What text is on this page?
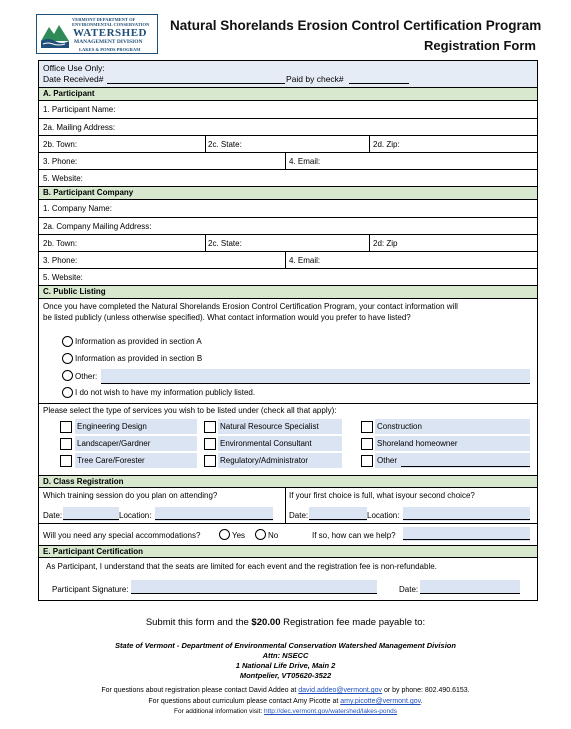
VERMONT DEPARTMENT OF
ENVIRONMENTAL CONSERVATION
WATERSHED
MANAGEMENT DIVISION
LAKES & PONDS PROGRAM
Natural Shorelands Erosion Control Certification Program
Registration Form
Office Use Only:
Date Received#	Paid by check#
A. Participant
1. Participant Name:
2a. Mailing Address:
2b. Town:	2c. State:	2d. Zip:
3. Phone:	4. Email:
5. Website:
B. Participant Company
1. Company Name:
2a. Company Mailing Address:
2b. Town:	2c. State:	2d: Zip
3. Phone:	4. Email:
5. Website:
C. Public Listing
Once you have completed the Natural Shorelands Erosion Control Certification Program, your contact information will
be listed publicly (unless otherwise specified). What contact information would you prefer to have listed?
Information as provided in section A
Information as provided in section B
Other:
I do not wish to have my information publicly listed.
Please select the type of services you wish to be listed under (check all that apply):
Engineering Design	Natural Resource Specialist	Construction
Landscaper/Gardner	Environmental Consultant	Shoreland homeowner
Tree Care/Forester	Regulatory/Administrator	Other
D. Class Registration
Which training session do you plan on attending?	If your first choice is full, what isyour second choice?
Date:	Location:	Date:	Location:
Will you need any special accommodations?	Yes	No	If so, how can we help?
E. Participant Certification
As Participant, I understand that the seats are limited for each event and the registration fee is non-refundable.
Participant Signature:	Date:
Submit this form and the $20.00 Registration fee made payable to:
State of Vermont - Department of Environmental Conservation Watershed Management Division
Attn: NSECC
1 National Life Drive, Main 2
Montpelier, VT05620-3522
For questions about registration please contact David Addeo at david.addeo@vermont.gov or by phone: 802.490.6153.
For questions about curriculum please contact Amy Picotte at amy.picotte@vermont.gov.
For additional information visit: http://dec.vermont.gov/watershed/lakes-ponds
